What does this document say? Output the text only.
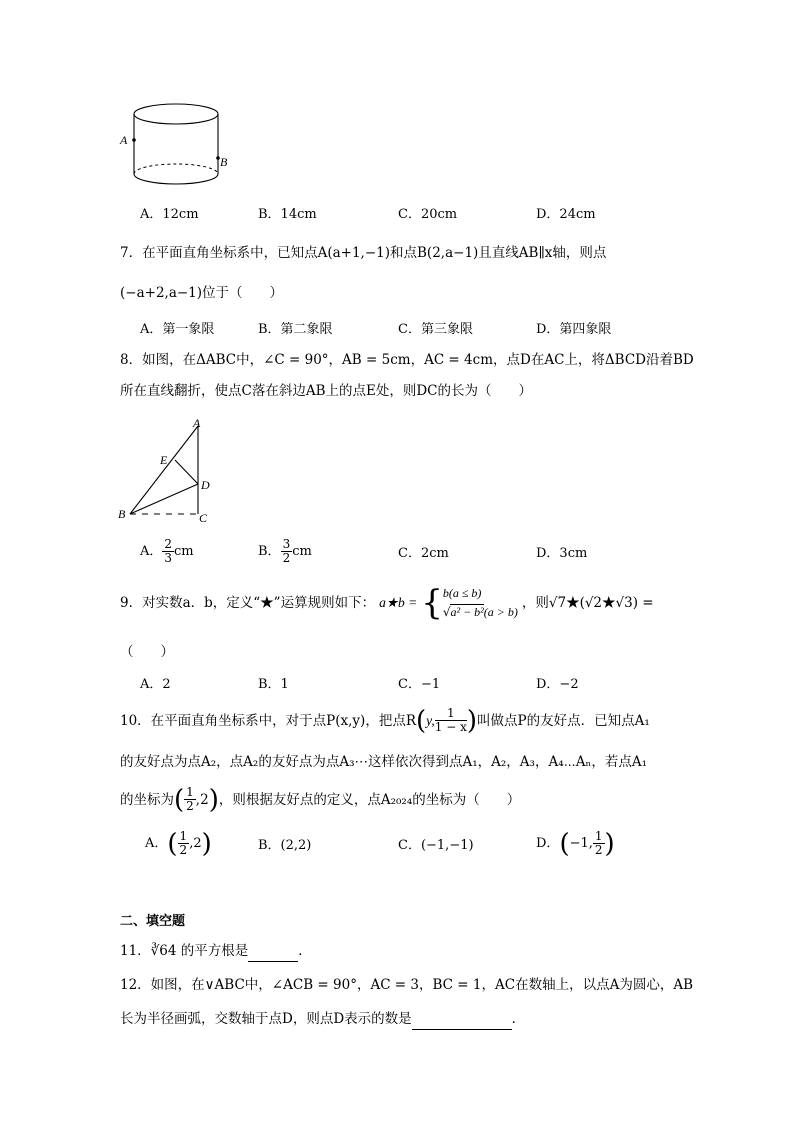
A
B
A．12cm	B．14cm	C．20cm	D．24cm
7．在平面直角坐标系中，已知点A(a+1,−1)和点B(2,a−1)且直线AB∥x轴，则点
(−a+2,a−1)位于（　　）
A．第一象限	B．第二象限	C．第三象限	D．第四象限
8．如图，在ΔABC中，∠C = 90°，AB = 5cm，AC = 4cm，点D在AC上，将ΔBCD沿着BD
所在直线翻折，使点C落在斜边AB上的点E处，则DC的长为（　　）
A
E
D
B	C
A． $\frac{2}{3}$ cm	B． $\frac{3}{2}$ cm	C．2cm	D．3cm
9．对实数a．b，定义“★”运算规则如下： a★b = { b(a ≤ b)
√a² − b²(a > b)
，则√7★(√2★√3) =
（　　）
A．2	B．1	C．−1	D．−2
10．在平面直角坐标系中，对于点P(x,y)，把点R ( y, $\frac{1}{1 - x}$ ) 叫做点P的友好点．已知点A₁
的友好点为点A₂，点A₂的友好点为点A₃⋯这样依次得到点A₁，A₂，A₃，A₄⋯Aₙ，若点A₁
的坐标为 ( $\frac{1}{2} ,2$ ) ，则根据友好点的定义，点A₂₀₂₄的坐标为（　　）
A． ( $\frac{1}{2} ,2$ )	B．(2,2)	C．(−1,−1)	D． ( −1, $\frac{1}{2}$ )
二、填空题
11．∛64 的平方根是	．
12．如图，在∨ABC中，∠ACB = 90°，AC = 3，BC = 1，AC在数轴上，以点A为圆心，AB
长为半径画弧，交数轴于点D，则点D表示的数是	．
